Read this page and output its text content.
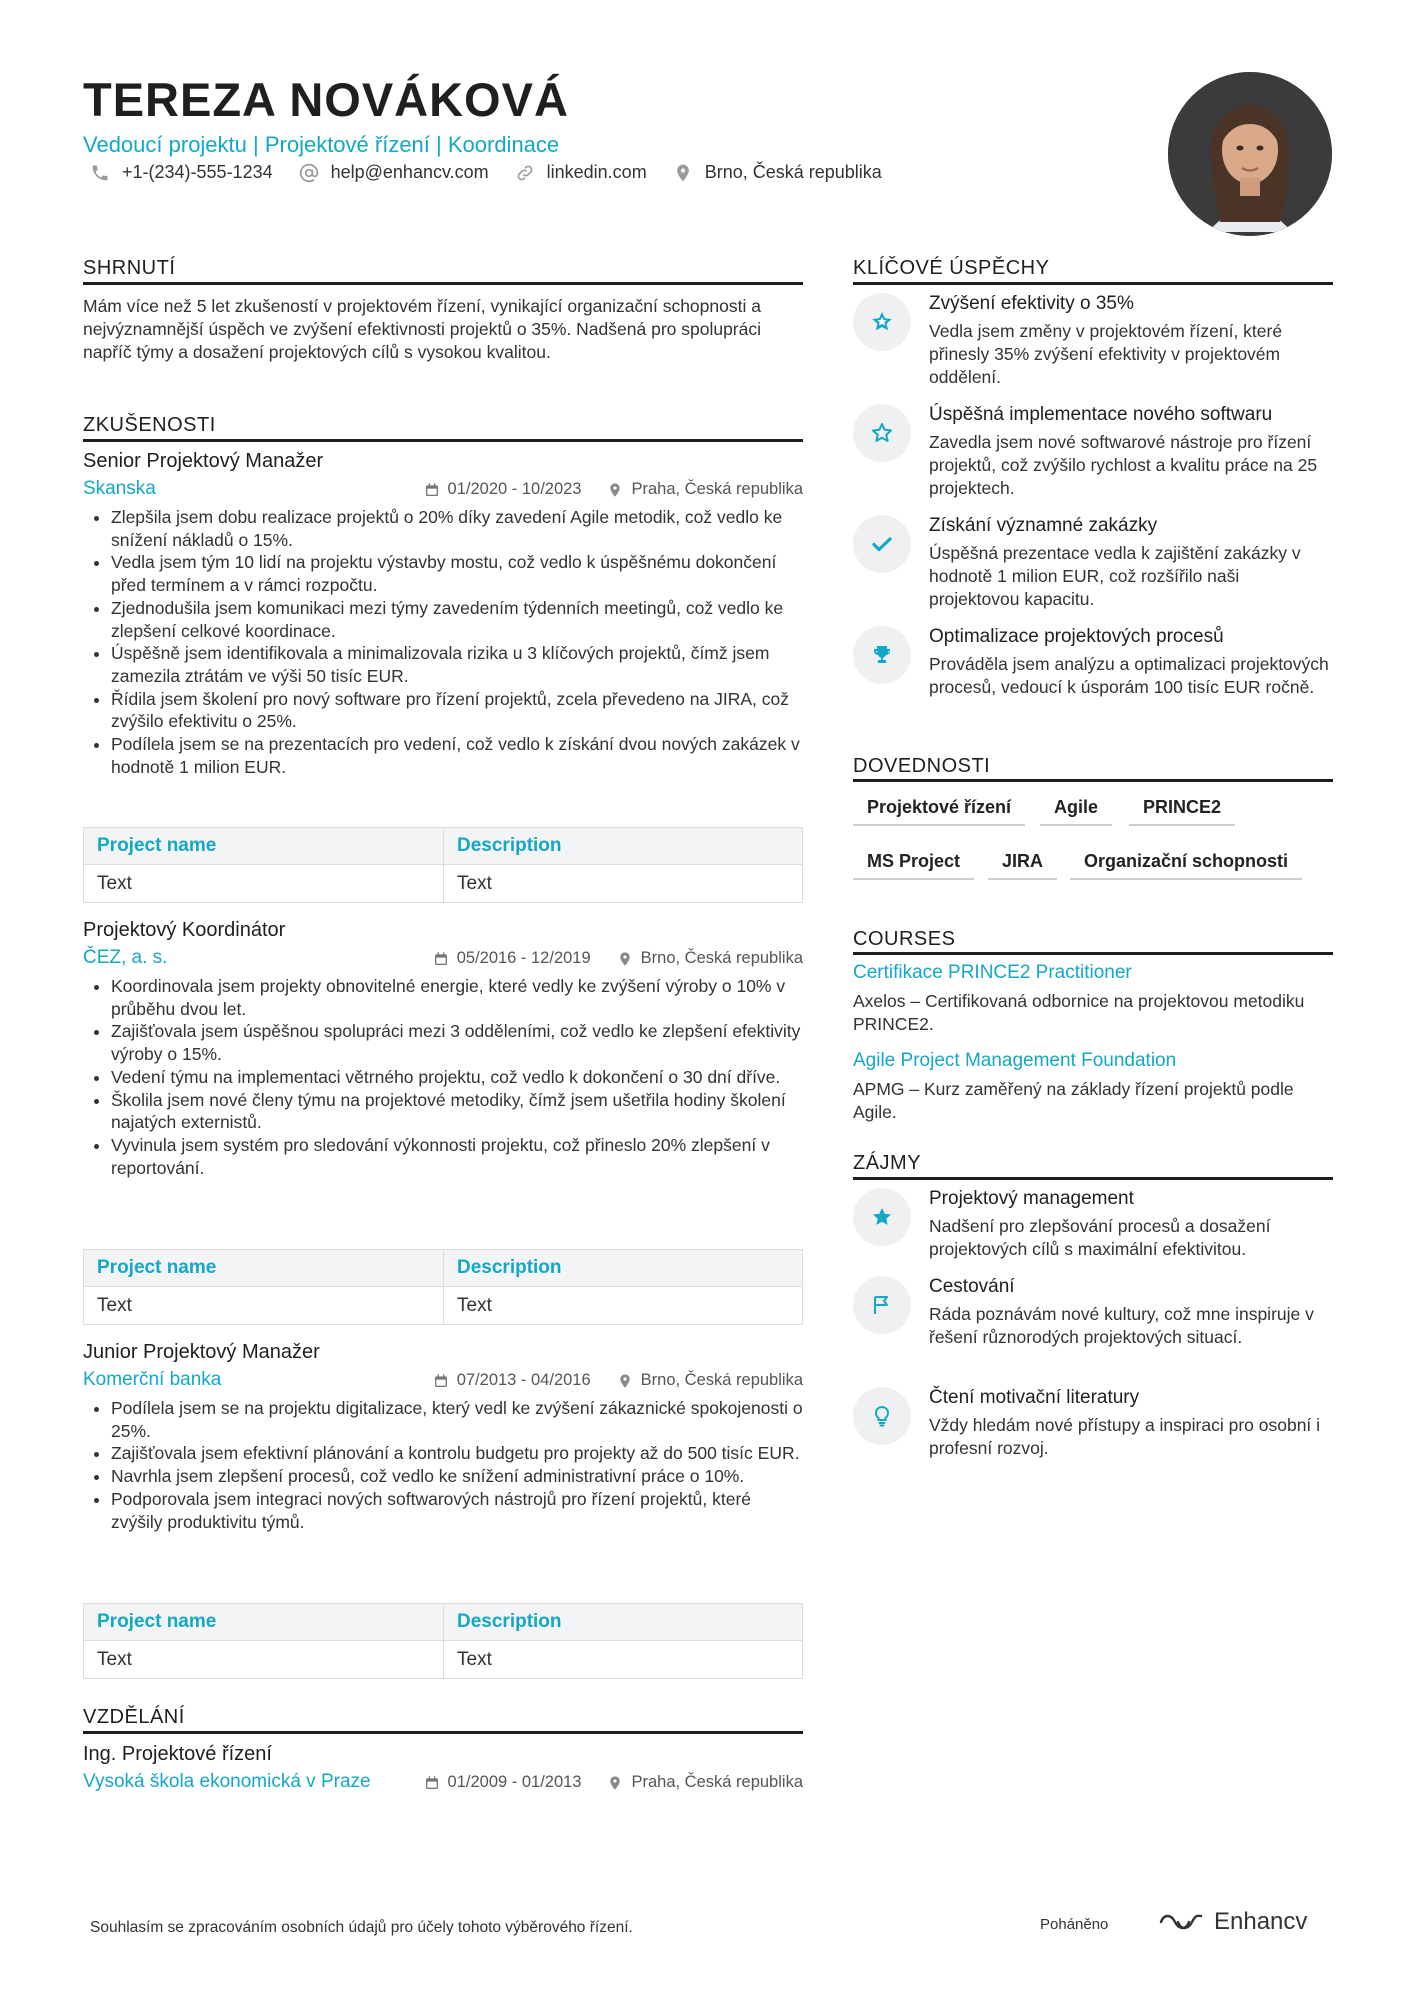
TEREZA NOVÁKOVÁ
Vedoucí projektu | Projektové řízení | Koordinace
+1-(234)-555-1234	help@enhancv.com	linkedin.com	Brno, Česká republika
SHRNUTÍ
Mám více než 5 let zkušeností v projektovém řízení, vynikající organizační schopnosti a nejvýznamnější úspěch ve zvýšení efektivnosti projektů o 35%. Nadšená pro spolupráci napříč týmy a dosažení projektových cílů s vysokou kvalitou.
ZKUŠENOSTI
Senior Projektový Manažer
Skanska	01/2020 - 10/2023	Praha, Česká republika
• Zlepšila jsem dobu realizace projektů o 20% díky zavedení Agile metodik, což vedlo ke snížení nákladů o 15%.
• Vedla jsem tým 10 lidí na projektu výstavby mostu, což vedlo k úspěšnému dokončení před termínem a v rámci rozpočtu.
• Zjednodušila jsem komunikaci mezi týmy zavedením týdenních meetingů, což vedlo ke zlepšení celkové koordinace.
• Úspěšně jsem identifikovala a minimalizovala rizika u 3 klíčových projektů, čímž jsem zamezila ztrátám ve výši 50 tisíc EUR.
• Řídila jsem školení pro nový software pro řízení projektů, zcela převedeno na JIRA, což zvýšilo efektivitu o 25%.
• Podílela jsem se na prezentacích pro vedení, což vedlo k získání dvou nových zakázek v hodnotě 1 milion EUR.
Project name	Description
Text	Text
Projektový Koordinátor
ČEZ, a. s.	05/2016 - 12/2019	Brno, Česká republika
• Koordinovala jsem projekty obnovitelné energie, které vedly ke zvýšení výroby o 10% v průběhu dvou let.
• Zajišťovala jsem úspěšnou spolupráci mezi 3 odděleními, což vedlo ke zlepšení efektivity výroby o 15%.
• Vedení týmu na implementaci větrného projektu, což vedlo k dokončení o 30 dní dříve.
• Školila jsem nové členy týmu na projektové metodiky, čímž jsem ušetřila hodiny školení najatých externistů.
• Vyvinula jsem systém pro sledování výkonnosti projektu, což přineslo 20% zlepšení v reportování.
Project name	Description
Text	Text
Junior Projektový Manažer
Komerční banka	07/2013 - 04/2016	Brno, Česká republika
• Podílela jsem se na projektu digitalizace, který vedl ke zvýšení zákaznické spokojenosti o 25%.
• Zajišťovala jsem efektivní plánování a kontrolu budgetu pro projekty až do 500 tisíc EUR.
• Navrhla jsem zlepšení procesů, což vedlo ke snížení administrativní práce o 10%.
• Podporovala jsem integraci nových softwarových nástrojů pro řízení projektů, které zvýšily produktivitu týmů.
Project name	Description
Text	Text
VZDĚLÁNÍ
Ing. Projektové řízení
Vysoká škola ekonomická v Praze	01/2009 - 01/2013	Praha, Česká republika
KLÍČOVÉ ÚSPĚCHY
Zvýšení efektivity o 35%
Vedla jsem změny v projektovém řízení, které přinesly 35% zvýšení efektivity v projektovém oddělení.
Úspěšná implementace nového softwaru
Zavedla jsem nové softwarové nástroje pro řízení projektů, což zvýšilo rychlost a kvalitu práce na 25 projektech.
Získání významné zakázky
Úspěšná prezentace vedla k zajištění zakázky v hodnotě 1 milion EUR, což rozšířilo naši projektovou kapacitu.
Optimalizace projektových procesů
Prováděla jsem analýzu a optimalizaci projektových procesů, vedoucí k úsporám 100 tisíc EUR ročně.
DOVEDNOSTI
Projektové řízení	Agile	PRINCE2
MS Project	JIRA	Organizační schopnosti
COURSES
Certifikace PRINCE2 Practitioner
Axelos – Certifikovaná odbornice na projektovou metodiku PRINCE2.
Agile Project Management Foundation
APMG – Kurz zaměřený na základy řízení projektů podle Agile.
ZÁJMY
Projektový management
Nadšení pro zlepšování procesů a dosažení projektových cílů s maximální efektivitou.
Cestování
Ráda poznávám nové kultury, což mne inspiruje v řešení různorodých projektových situací.
Čtení motivační literatury
Vždy hledám nové přístupy a inspiraci pro osobní i profesní rozvoj.
Souhlasím se zpracováním osobních údajů pro účely tohoto výběrového řízení.	Poháněno	Enhancv
